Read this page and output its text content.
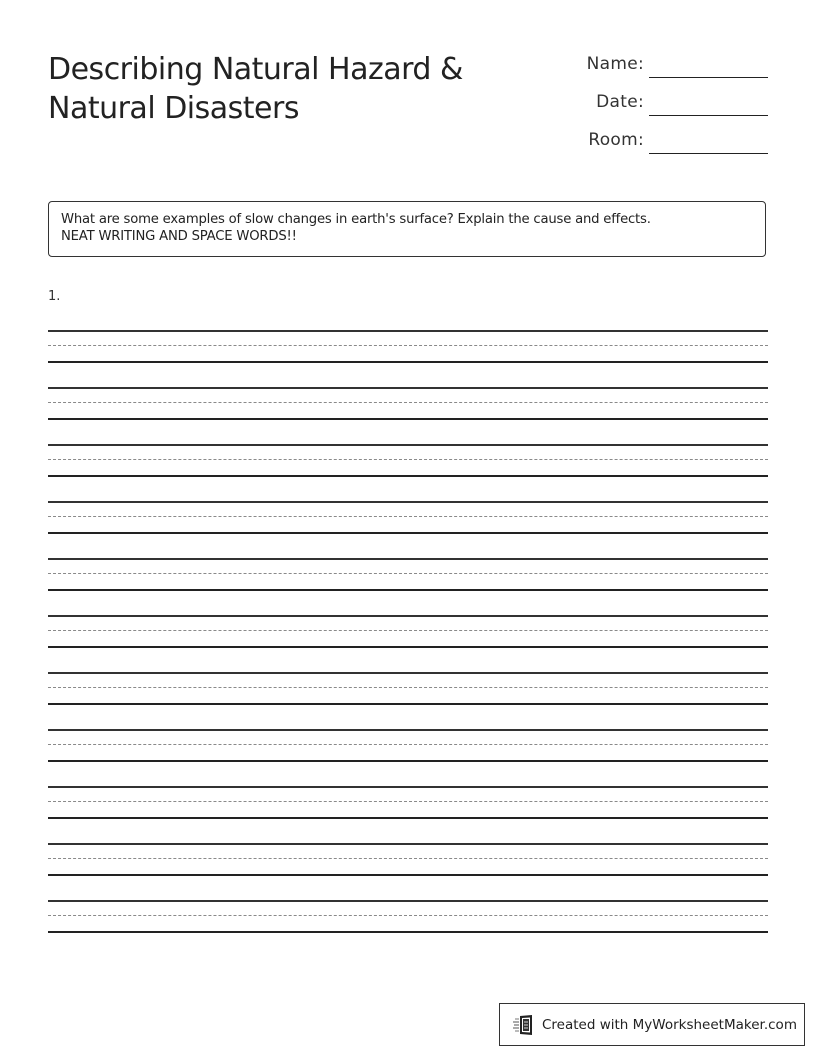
Describing Natural Hazard & Natural Disasters
Name:
Date:
Room:
What are some examples of slow changes in earth's surface? Explain the cause and effects.
NEAT WRITING AND SPACE WORDS!!
1.
Created with MyWorksheetMaker.com
